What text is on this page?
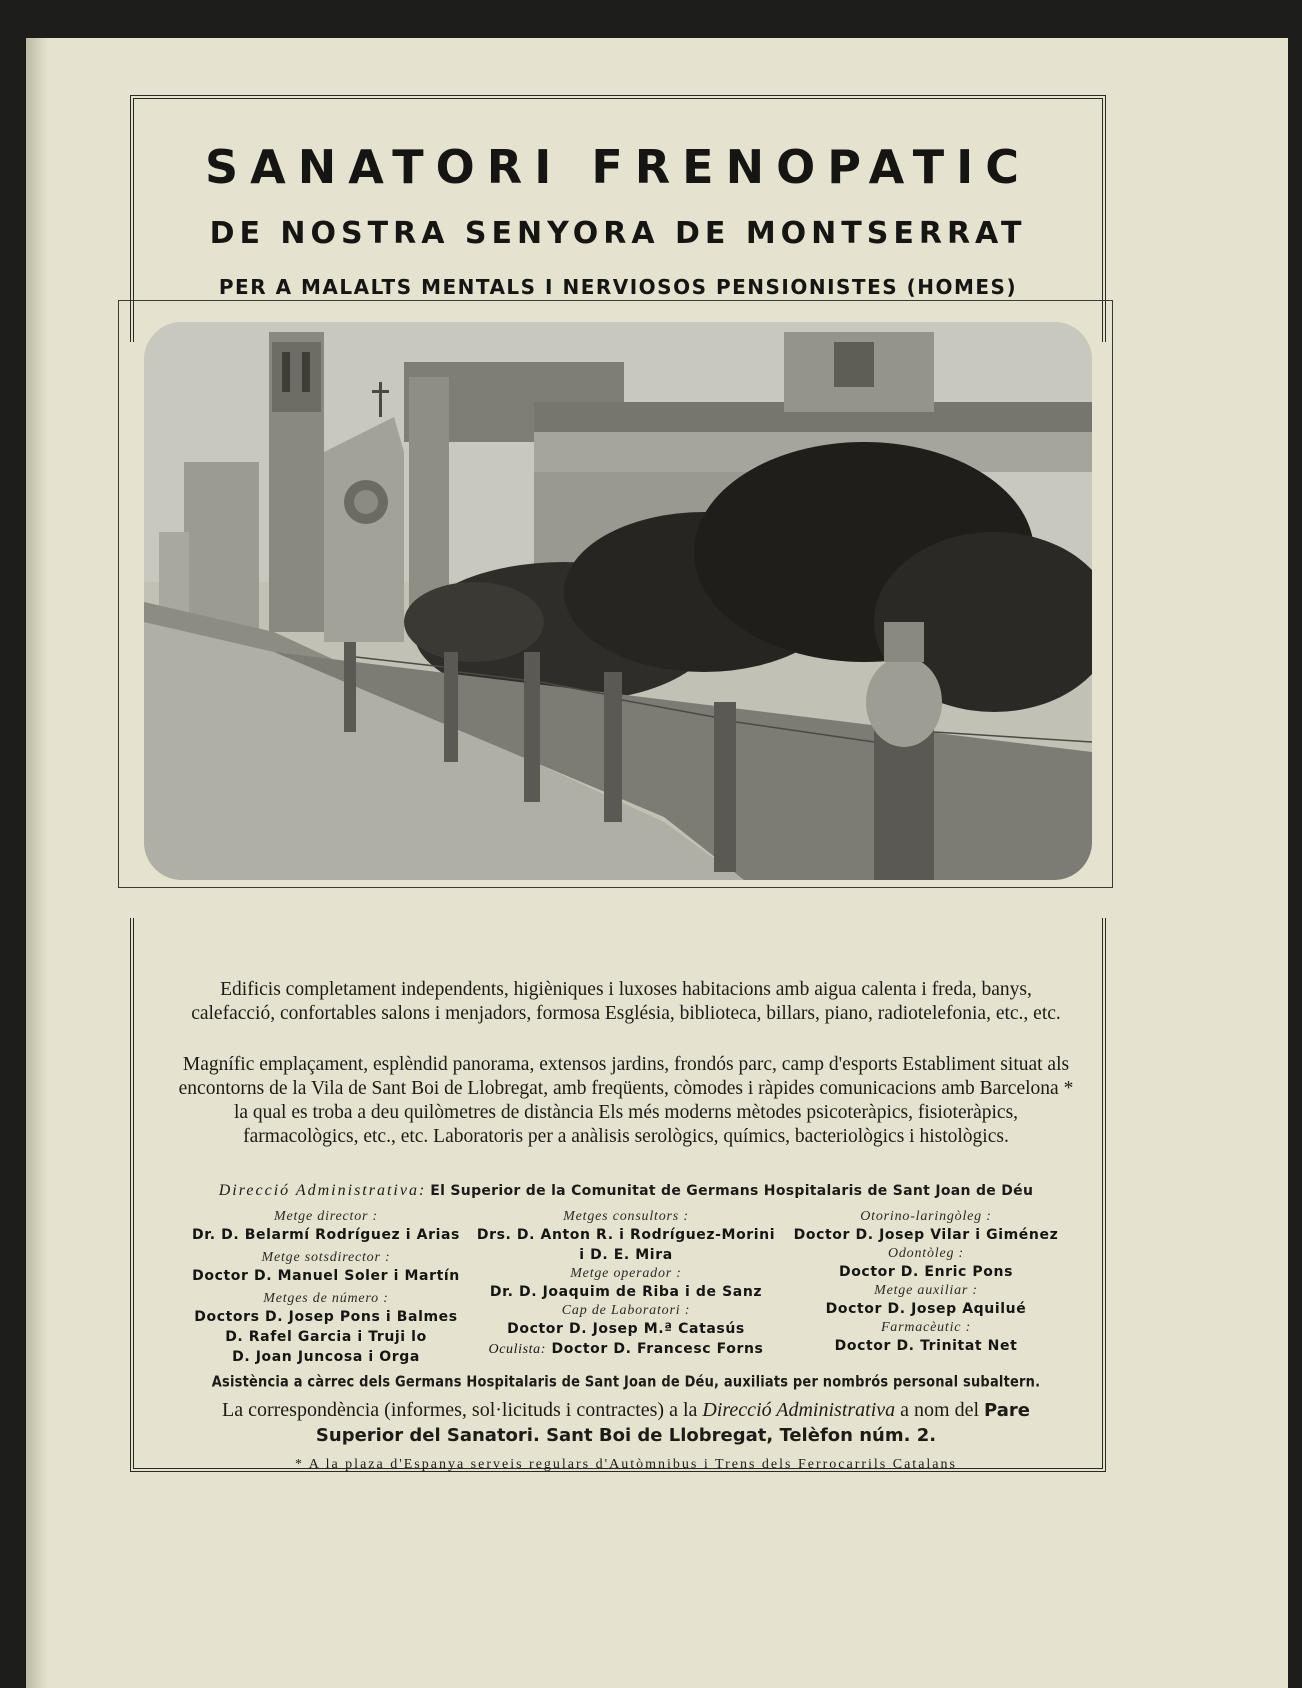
SANATORI FRENOPATIC
DE NOSTRA SENYORA DE MONTSERRAT
PER A MALALTS MENTALS I NERVIOSOS PENSIONISTES (HOMES)

Edificis completament independents, higièniques i luxoses habitacions amb aigua calenta i freda, banys, calefacció, confortables salons i menjadors, formosa Església, biblioteca, billars, piano, radiotelefonia, etc., etc.

Magnífic emplaçament, esplèndid panorama, extensos jardins, frondós parc, camp d'esports Establiment situat als encontorns de la Vila de Sant Boi de Llobregat, amb freqüents, còmodes i ràpides comunicacions amb Barcelona * la qual es troba a deu quilòmetres de distància Els més moderns mètodes psicoteràpics, fisioteràpics, farmacològics, etc., etc. Laboratoris per a anàlisis serològics, químics, bacteriològics i histològics.

Direcció Administrativa: El Superior de la Comunitat de Germans Hospitalaris de Sant Joan de Déu
Metge director :
Dr. D. Belarmí Rodríguez i Arias
Metge sotsdirector :
Doctor D. Manuel Soler i Martín
Metges de número :
Doctors D. Josep Pons i Balmes
D. Rafel Garcia i Truji lo
D. Joan Juncosa i Orga
Metges consultors :
Drs. D. Anton R. i Rodríguez-Morini
i D. E. Mira
Metge operador :
Dr. D. Joaquim de Riba i de Sanz
Cap de Laboratori :
Doctor D. Josep M.ª Catasús
Oculista: Doctor D. Francesc Forns
Otorino-laringòleg :
Doctor D. Josep Vilar i Giménez
Odontòleg :
Doctor D. Enric Pons
Metge auxiliar :
Doctor D. Josep Aquilué
Farmacèutic :
Doctor D. Trinitat Net
Asistència a càrrec dels Germans Hospitalaris de Sant Joan de Déu, auxiliats per nombrós personal subaltern.

La correspondència (informes, sol·licituds i contractes) a la Direcció Administrativa a nom del Pare Superior del Sanatori. Sant Boi de Llobregat, Telèfon núm. 2.

* A la plaza d'Espanya serveis regulars d'Autòmnibus i Trens dels Ferrocarrils Catalans
